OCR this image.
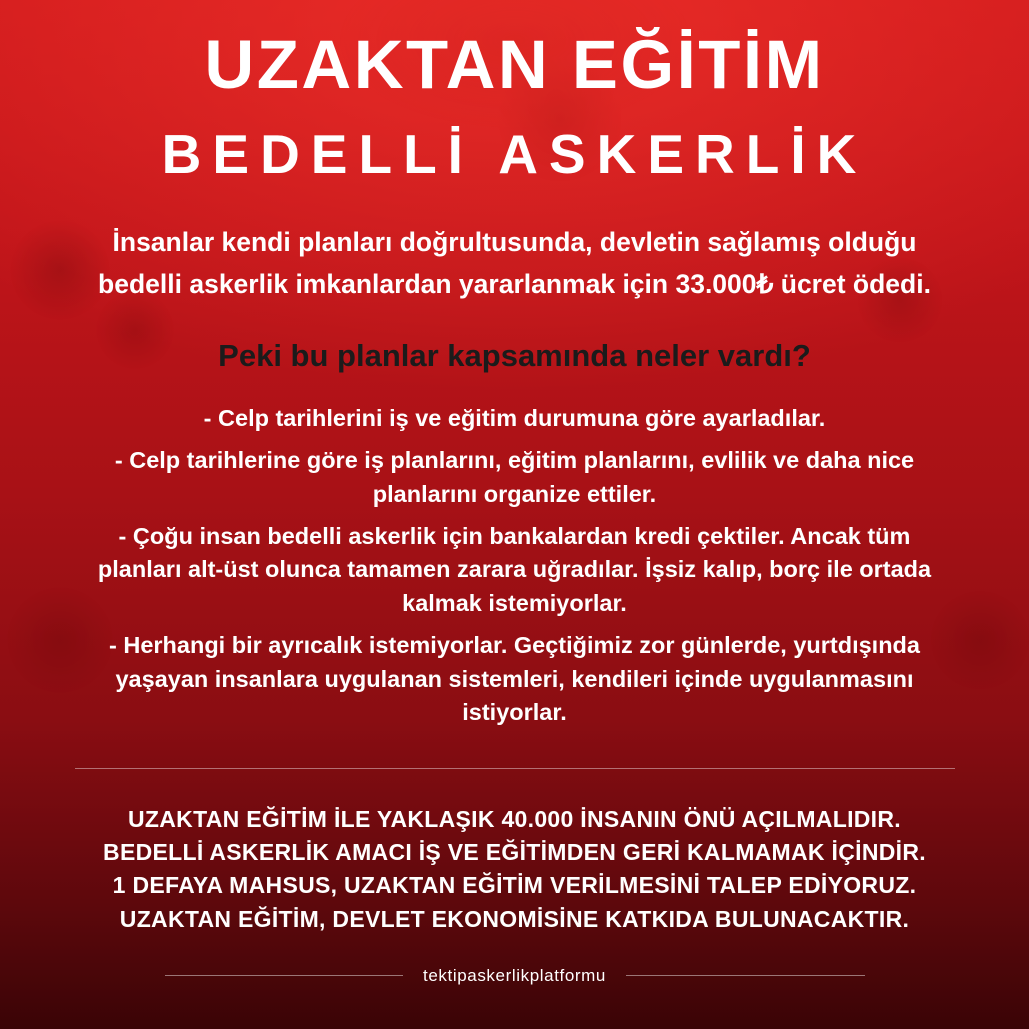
UZAKTAN EĞİTİM
BEDELLİ ASKERLİK
İnsanlar kendi planları doğrultusunda, devletin sağlamış olduğu
bedelli askerlik imkanlardan yararlanmak için 33.000₺ ücret ödedi.
Peki bu planlar kapsamında neler vardı?
- Celp tarihlerini iş ve eğitim durumuna göre ayarladılar.
- Celp tarihlerine göre iş planlarını, eğitim planlarını, evlilik ve daha nice planlarını organize ettiler.
- Çoğu insan bedelli askerlik için bankalardan kredi çektiler. Ancak tüm planları alt-üst olunca tamamen zarara uğradılar. İşsiz kalıp, borç ile ortada kalmak istemiyorlar.
- Herhangi bir ayrıcalık istemiyorlar. Geçtiğimiz zor günlerde, yurtdışında yaşayan insanlara uygulanan sistemleri, kendileri içinde uygulanmasını istiyorlar.
UZAKTAN EĞİTİM İLE YAKLAŞIK 40.000 İNSANIN ÖNÜ AÇILMALIDIR.
BEDELLİ ASKERLİK AMACI İŞ VE EĞİTİMDEN GERİ KALMAMAK İÇİNDİR.
1 DEFAYA MAHSUS, UZAKTAN EĞİTİM VERİLMESİNİ TALEP EDİYORUZ.
UZAKTAN EĞİTİM, DEVLET EKONOMİSİNE KATKIDA BULUNACAKTIR.
tektipaskerlikplatformu
